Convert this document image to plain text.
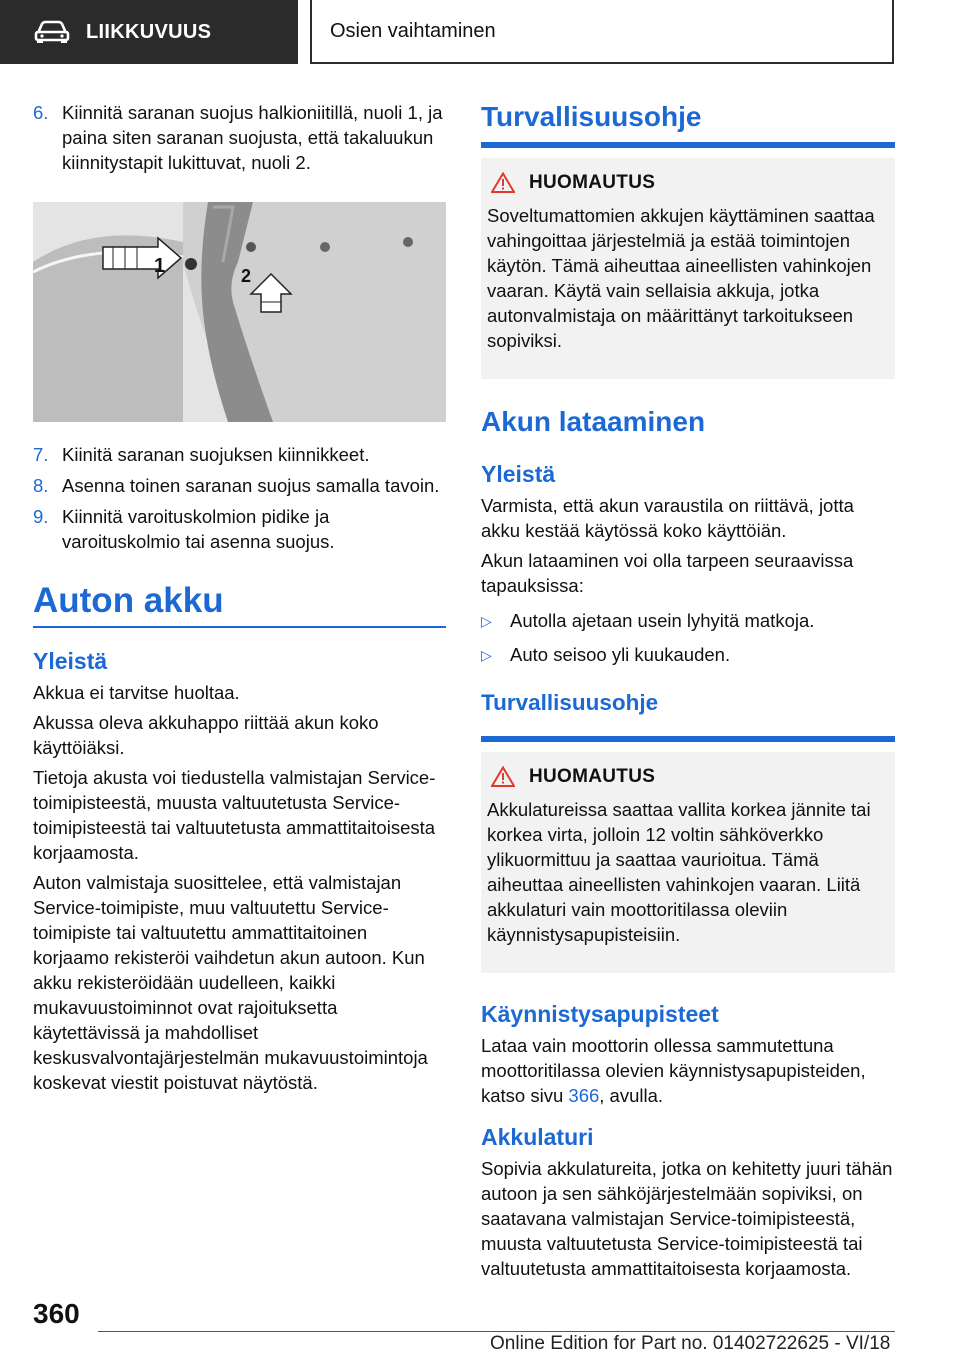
LIIKKUVUUS	Osien vaihtaminen
6. Kiinnitä saranan suojus halkioniitillä, nuoli 1, ja paina siten saranan suojusta, että takaluukun kiinnitystapit lukittuvat, nuoli 2.
1	2
7. Kiinitä saranan suojuksen kiinnikkeet.
8. Asenna toinen saranan suojus samalla tavoin.
9. Kiinnitä varoituskolmion pidike ja varoituskolmio tai asenna suojus.
Auton akku
Yleistä

Akkua ei tarvitse huoltaa.

Akussa oleva akkuhappo riittää akun koko käyttöiäksi.

Tietoja akusta voi tiedustella valmistajan Service-toimipisteestä, muusta valtuutetusta Service-toimipisteestä tai valtuutetusta ammattitaitoisesta korjaamosta.

Auton valmistaja suosittelee, että valmistajan Service-toimipiste, muu valtuutettu Service-toimipiste tai valtuutettu ammattitaitoinen korjaamo rekisteröi vaihdetun akun autoon. Kun akku rekisteröidään uudelleen, kaikki mukavuustoiminnot ovat rajoituksetta käytettävissä ja mahdolliset keskusvalvontajärjestelmän mukavuustoimintoja koskevat viestit poistuvat näytöstä.

Turvallisuusohje
HUOMAUTUS
Soveltumattomien akkujen käyttäminen saattaa vahingoittaa järjestelmiä ja estää toimintojen käytön. Tämä aiheuttaa aineellisten vahinkojen vaaran. Käytä vain sellaisia akkuja, jotka autonvalmistaja on määrittänyt tarkoitukseen sopiviksi.
Akun lataaminen
Yleistä

Varmista, että akun varaustila on riittävä, jotta akku kestää käytössä koko käyttöiän.

Akun lataaminen voi olla tarpeen seuraavissa tapauksissa:

▷ Autolla ajetaan usein lyhyitä matkoja.
▷ Auto seisoo yli kuukauden.
Turvallisuusohje
HUOMAUTUS
Akkulatureissa saattaa vallita korkea jännite tai korkea virta, jolloin 12 voltin sähköverkko ylikuormittuu ja saattaa vaurioitua. Tämä aiheuttaa aineellisten vahinkojen vaaran. Liitä akkulaturi vain moottoritilassa oleviin käynnistysapupisteisiin.
Käynnistysapupisteet

Lataa vain moottorin ollessa sammutettuna moottoritilassa olevien käynnistysapupisteiden, katso sivu 366, avulla.

Akkulaturi

Sopivia akkulatureita, jotka on kehitetty juuri tähän autoon ja sen sähköjärjestelmään sopiviksi, on saatavana valmistajan Service-toimipisteestä, muusta valtuutetusta Service-toimipisteestä tai valtuutetusta ammattitaitoisesta korjaamosta.

360
Online Edition for Part no. 01402722625 - VI/18
